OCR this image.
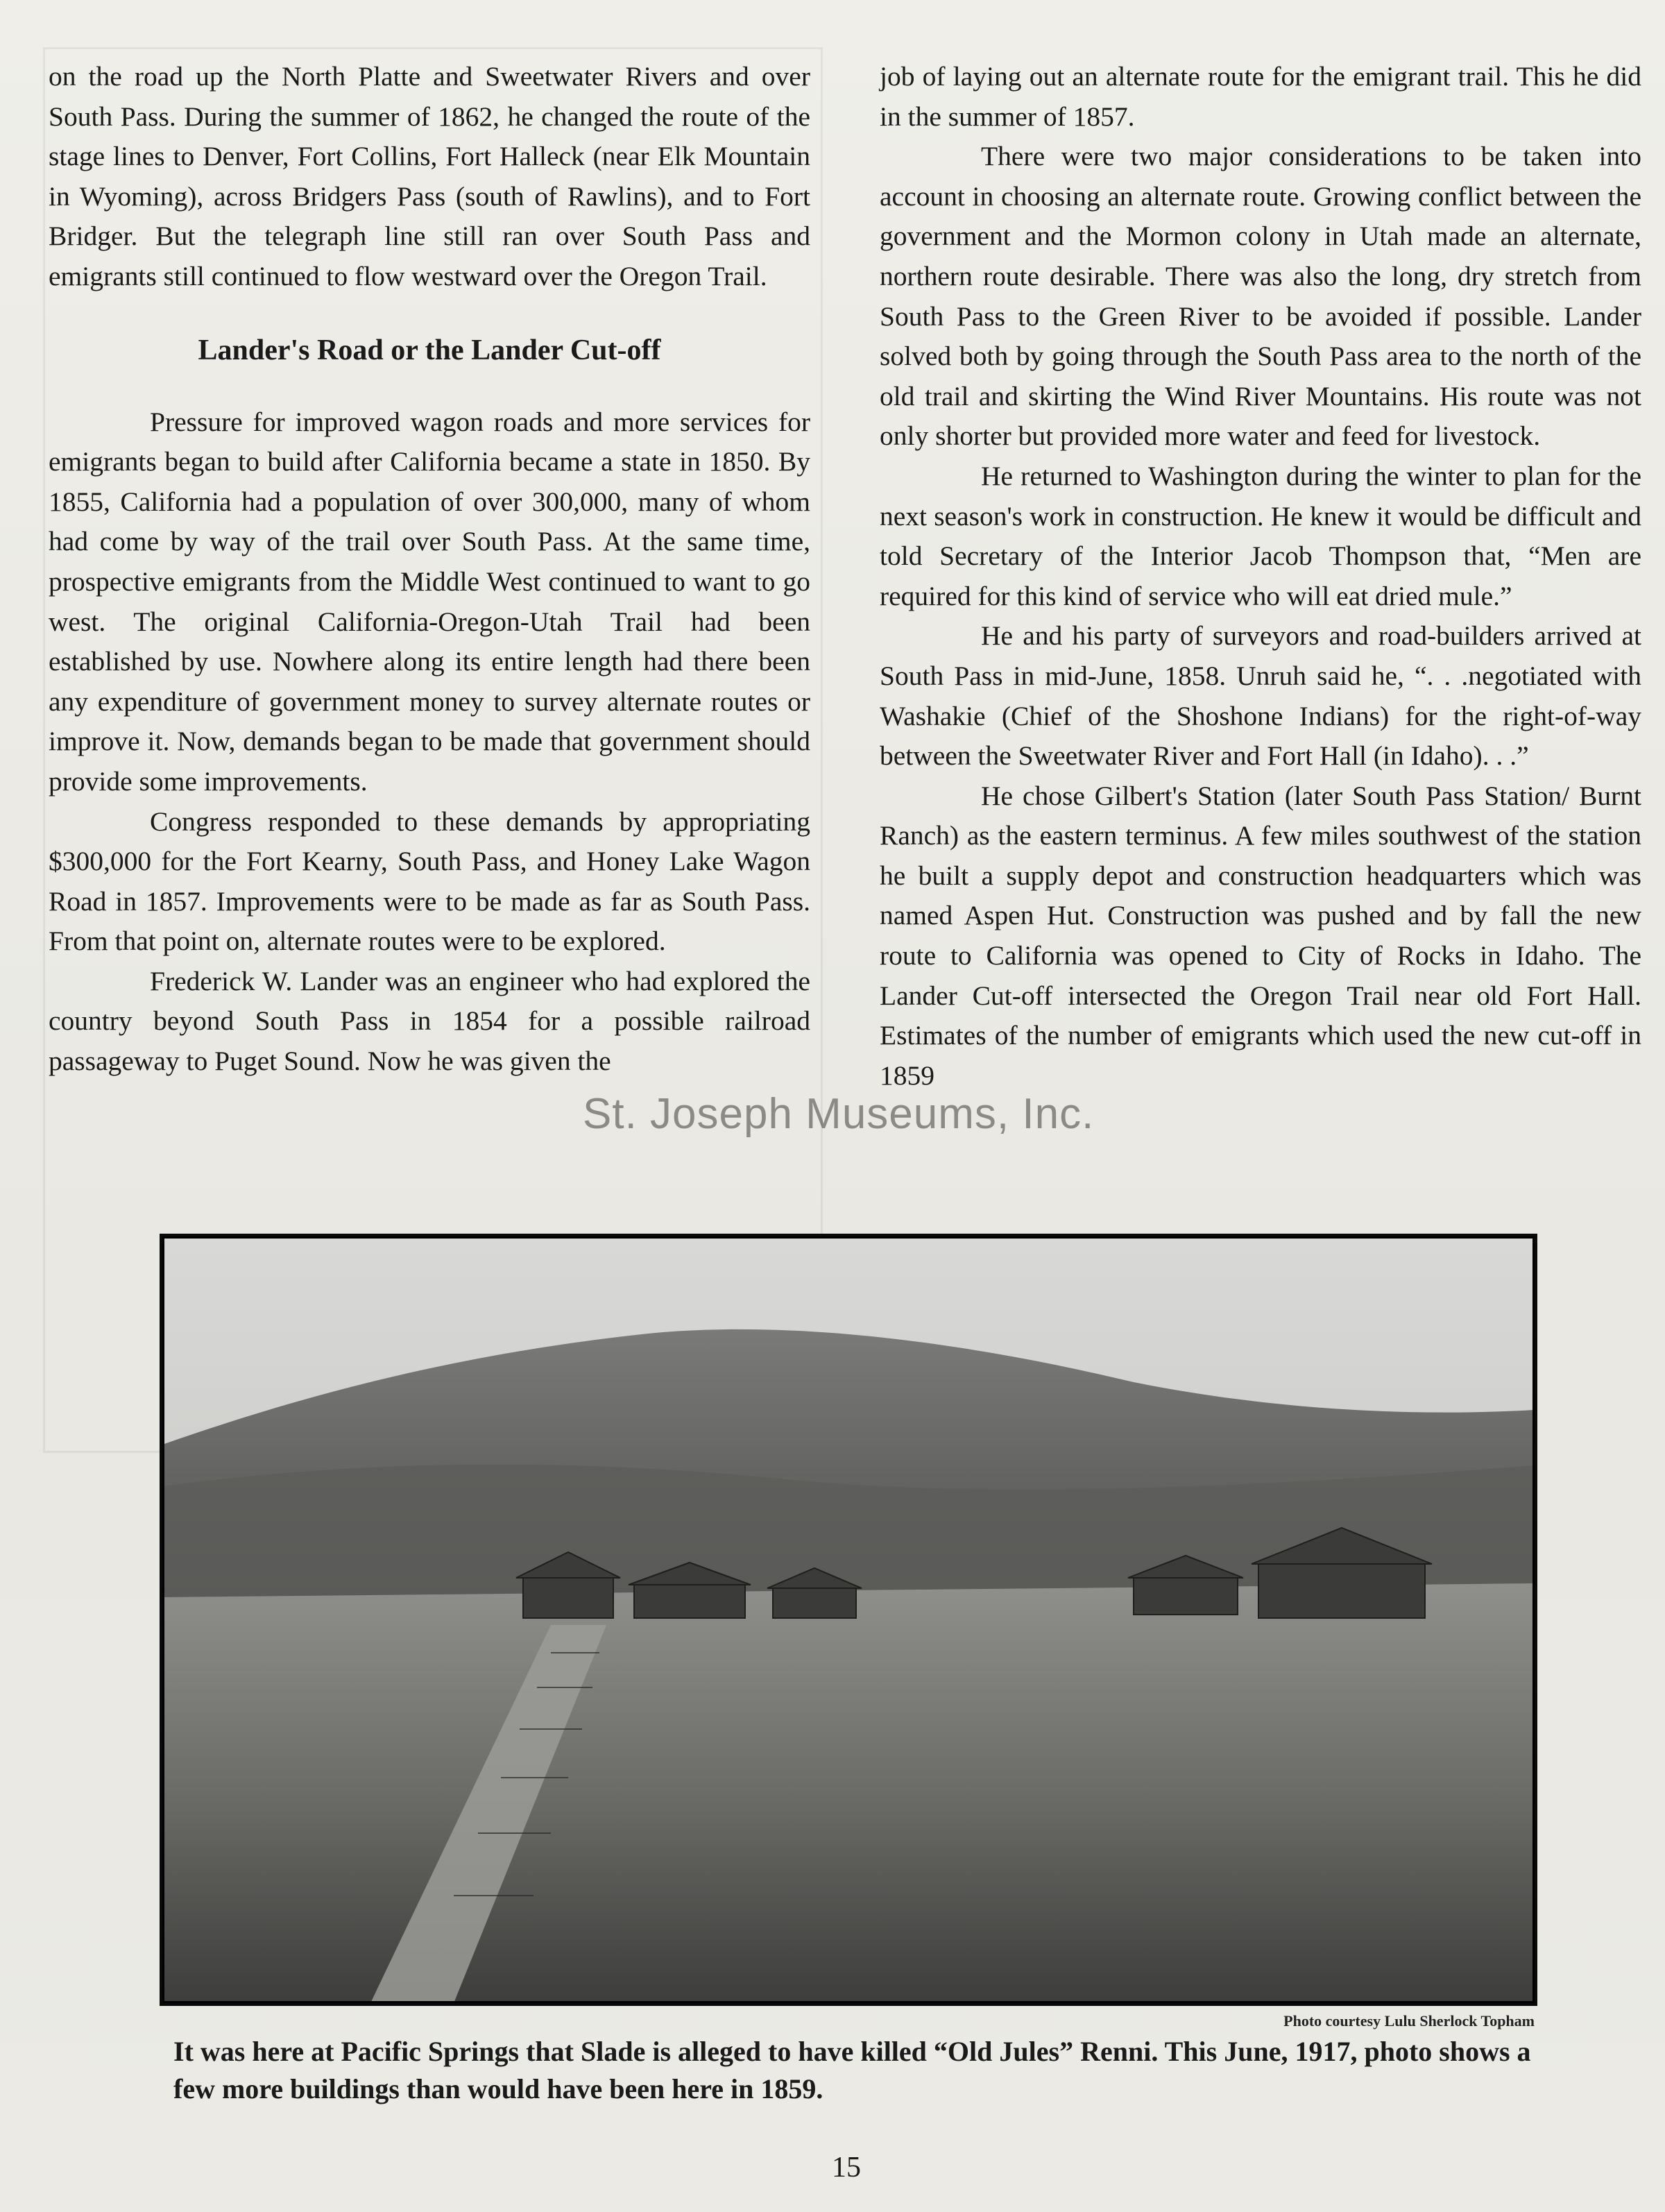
on the road up the North Platte and Sweetwater Rivers and over South Pass. During the summer of 1862, he changed the route of the stage lines to Denver, Fort Collins, Fort Halleck (near Elk Mountain in Wyoming), across Bridgers Pass (south of Rawlins), and to Fort Bridger. But the telegraph line still ran over South Pass and emigrants still continued to flow westward over the Oregon Trail.

Lander's Road or the Lander Cut-off

Pressure for improved wagon roads and more services for emigrants began to build after California became a state in 1850. By 1855, California had a population of over 300,000, many of whom had come by way of the trail over South Pass. At the same time, prospective emigrants from the Middle West continued to want to go west. The original California-Oregon-Utah Trail had been established by use. Nowhere along its entire length had there been any expenditure of government money to survey alternate routes or improve it. Now, demands began to be made that government should provide some improvements.

Congress responded to these demands by appropriating $300,000 for the Fort Kearny, South Pass, and Honey Lake Wagon Road in 1857. Improvements were to be made as far as South Pass. From that point on, alternate routes were to be explored.

Frederick W. Lander was an engineer who had explored the country beyond South Pass in 1854 for a possible railroad passageway to Puget Sound. Now he was given the

job of laying out an alternate route for the emigrant trail. This he did in the summer of 1857.

There were two major considerations to be taken into account in choosing an alternate route. Growing conflict between the government and the Mormon colony in Utah made an alternate, northern route desirable. There was also the long, dry stretch from South Pass to the Green River to be avoided if possible. Lander solved both by going through the South Pass area to the north of the old trail and skirting the Wind River Mountains. His route was not only shorter but provided more water and feed for livestock.

He returned to Washington during the winter to plan for the next season's work in construction. He knew it would be difficult and told Secretary of the Interior Jacob Thompson that, “Men are required for this kind of service who will eat dried mule.”

He and his party of surveyors and road-builders arrived at South Pass in mid-June, 1858. Unruh said he, “. . .negotiated with Washakie (Chief of the Shoshone Indians) for the right-of-way between the Sweetwater River and Fort Hall (in Idaho). . .”

He chose Gilbert's Station (later South Pass Station/ Burnt Ranch) as the eastern terminus. A few miles southwest of the station he built a supply depot and construction headquarters which was named Aspen Hut. Construction was pushed and by fall the new route to California was opened to City of Rocks in Idaho. The Lander Cut-off intersected the Oregon Trail near old Fort Hall. Estimates of the number of emigrants which used the new cut-off in 1859

St. Joseph Museums, Inc.
Photo courtesy Lulu Sherlock Topham
It was here at Pacific Springs that Slade is alleged to have killed “Old Jules” Renni. This June, 1917, photo shows a few more buildings than would have been here in 1859.
15
